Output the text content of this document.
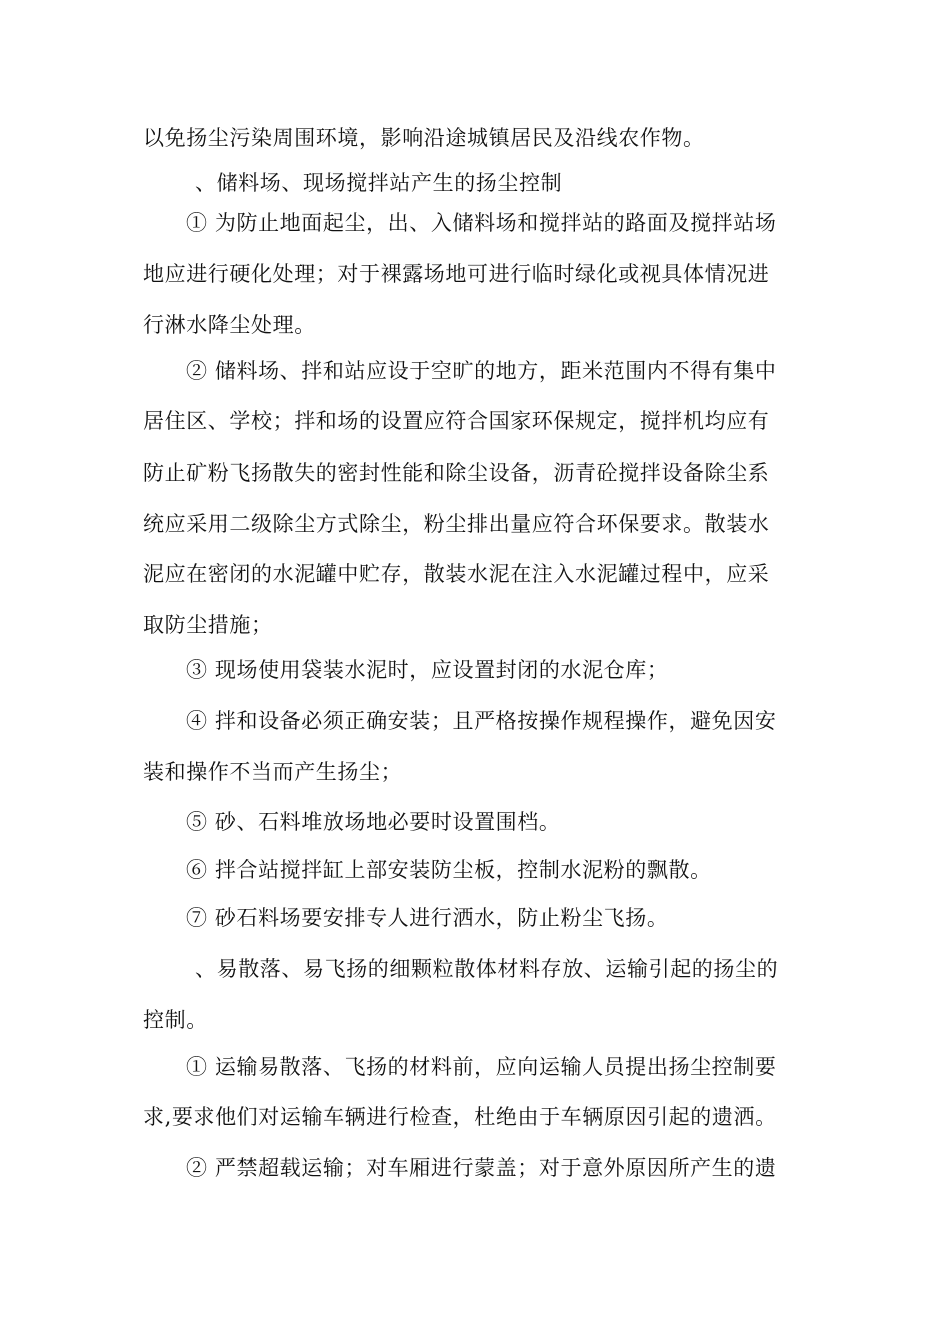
以免扬尘污染周围环境，影响沿途城镇居民及沿线农作物。
、储料场、现场搅拌站产生的扬尘控制
① 为防止地面起尘，出、入储料场和搅拌站的路面及搅拌站场
地应进行硬化处理；对于裸露场地可进行临时绿化或视具体情况进
行淋水降尘处理。
② 储料场、拌和站应设于空旷的地方，距米范围内不得有集中
居住区、学校；拌和场的设置应符合国家环保规定，搅拌机均应有
防止矿粉飞扬散失的密封性能和除尘设备，沥青砼搅拌设备除尘系
统应采用二级除尘方式除尘，粉尘排出量应符合环保要求。散装水
泥应在密闭的水泥罐中贮存，散装水泥在注入水泥罐过程中，应采
取防尘措施；
③ 现场使用袋装水泥时，应设置封闭的水泥仓库；
④ 拌和设备必须正确安装；且严格按操作规程操作，避免因安
装和操作不当而产生扬尘；
⑤ 砂、石料堆放场地必要时设置围档。
⑥ 拌合站搅拌缸上部安装防尘板，控制水泥粉的飘散。
⑦ 砂石料场要安排专人进行洒水，防止粉尘飞扬。
、易散落、易飞扬的细颗粒散体材料存放、运输引起的扬尘的
控制。
① 运输易散落、飞扬的材料前，应向运输人员提出扬尘控制要
求,要求他们对运输车辆进行检查，杜绝由于车辆原因引起的遗洒。
② 严禁超载运输；对车厢进行蒙盖；对于意外原因所产生的遗
